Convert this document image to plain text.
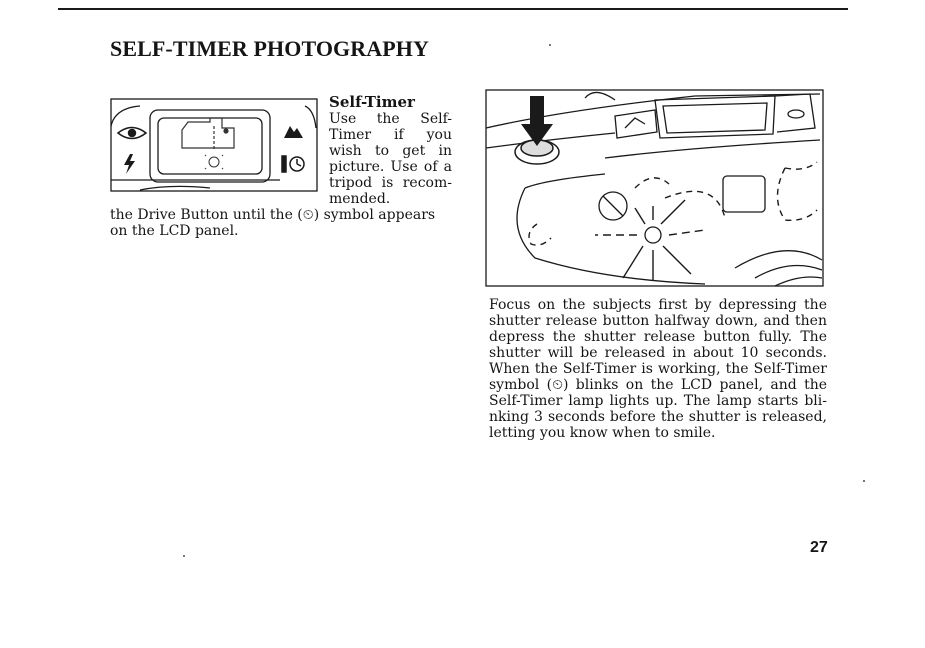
SELF-TIMER PHOTOGRAPHY
Self-Timer
Use the Self-
Timer if you
wish to get in
picture. Use of a
tripod is recom-
mended.
the Drive Button until the (⏲) symbol appears
on the LCD panel.
Focus on the subjects first by depressing the
shutter release button halfway down, and then
depress the shutter release button fully. The
shutter will be released in about 10 seconds.
When the Self-Timer is working, the Self-Timer
symbol (⏲) blinks on the LCD panel, and the
Self-Timer lamp lights up. The lamp starts bli-
nking 3 seconds before the shutter is released,
letting you know when to smile.
27
